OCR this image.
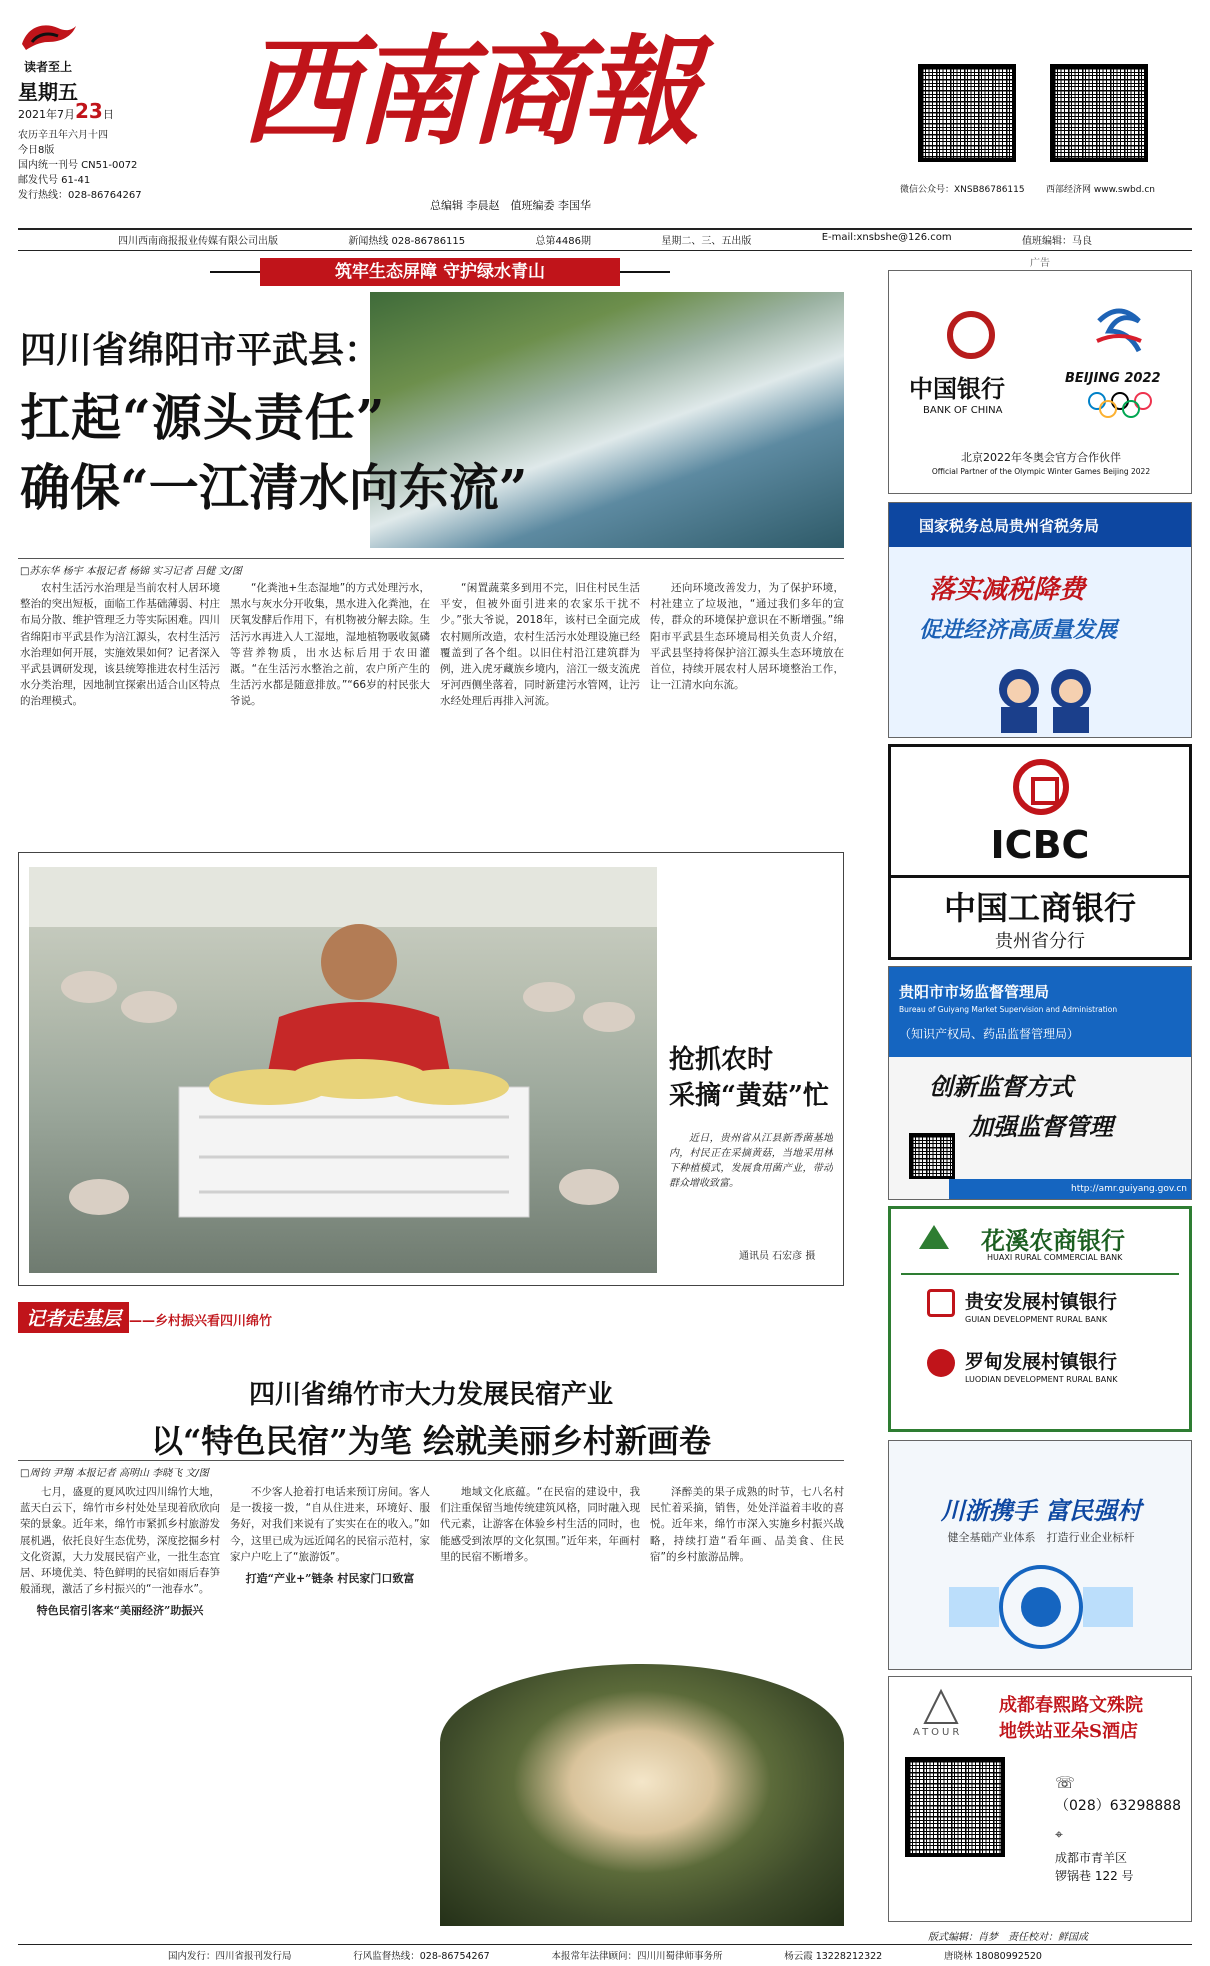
读者至上
星期五
2021年7月23日
农历辛丑年六月十四
今日8版
国内统一刊号 CN51-0072
邮发代号 61-41
发行热线：028-86764267
西南商報
总编辑 李晨赵　值班编委 李国华
微信公众号：XNSB86786115 西部经济网 www.swbd.cn
四川西南商报报业传媒有限公司出版	新闻热线 028-86786115	总第4486期	星期二、三、五出版	E-mail:xnsbshe@126.com	值班编辑：马良
筑牢生态屏障 守护绿水青山
四川省绵阳市平武县：
扛起“源头责任”
确保“一江清水向东流”
□苏东华 杨宇 本报记者 杨锦 实习记者 吕健 文/图

农村生活污水治理是当前农村人居环境整治的突出短板，面临工作基础薄弱、村庄布局分散、维护管理乏力等实际困难。四川省绵阳市平武县作为涪江源头，农村生活污水治理如何开展，实施效果如何？记者深入平武县调研发现，该县统筹推进农村生活污水分类治理，因地制宜探索出适合山区特点的治理模式。

“化粪池+生态湿地”的方式处理污水，黑水与灰水分开收集，黑水进入化粪池，在厌氧发酵后作用下，有机物被分解去除。生活污水再进入人工湿地，湿地植物吸收氮磷等营养物质，出水达标后用于农田灌溉。“在生活污水整治之前，农户所产生的生活污水都是随意排放。”“66岁的村民张大爷说。

“闲置蔬菜多到用不完，旧住村民生活平安，但被外面引进来的农家乐干扰不少。”张大爷说，2018年，该村已全面完成农村厕所改造，农村生活污水处理设施已经覆盖到了各个组。以旧住村沿江建筑群为例，进入虎牙藏族乡境内，涪江一级支流虎牙河西侧坐落着，同时新建污水管网，让污水经处理后再排入河流。

还向环境改善发力，为了保护环境，村社建立了垃圾池，“通过我们多年的宣传，群众的环境保护意识在不断增强。”绵阳市平武县生态环境局相关负责人介绍，平武县坚持将保护涪江源头生态环境放在首位，持续开展农村人居环境整治工作，让一江清水向东流。

抢抓农时
采摘“黄菇”忙

近日，贵州省从江县新香菌基地内，村民正在采摘黄菇，当地采用林下种植模式，发展食用菌产业，带动群众增收致富。

通讯员 石宏彦 摄
记者走基层 ——乡村振兴看四川绵竹
四川省绵竹市大力发展民宿产业
以“特色民宿”为笔 绘就美丽乡村新画卷
□周钧 尹翔 本报记者 高明山 李晓飞 文/图

七月，盛夏的夏风吹过四川绵竹大地，蓝天白云下，绵竹市乡村处处呈现着欣欣向荣的景象。近年来，绵竹市紧抓乡村旅游发展机遇，依托良好生态优势，深度挖掘乡村文化资源，大力发展民宿产业，一批生态宜居、环境优美、特色鲜明的民宿如雨后春笋般涌现，激活了乡村振兴的“一池春水”。

特色民宿引客来“美丽经济”助振兴

不少客人抢着打电话来预订房间。客人是一拨接一拨，“自从住进来，环境好、服务好，对我们来说有了实实在在的收入。”如今，这里已成为远近闻名的民宿示范村，家家户户吃上了“旅游饭”。

打造“产业+”链条 村民家门口致富

地域文化底蕴。“在民宿的建设中，我们注重保留当地传统建筑风格，同时融入现代元素，让游客在体验乡村生活的同时，也能感受到浓厚的文化氛围。”近年来，年画村里的民宿不断增多。

泽醉美的果子成熟的时节，七八名村民忙着采摘，销售，处处洋溢着丰收的喜悦。近年来，绵竹市深入实施乡村振兴战略，持续打造“看年画、品美食、住民宿”的乡村旅游品牌。

广告
中国银行
BANK OF CHINA
BEIJING 2022
北京2022年冬奥会官方合作伙伴
Official Partner of the Olympic Winter Games Beijing 2022
国家税务总局贵州省税务局
落实减税降费
促进经济高质量发展
ICBC
中国工商银行
贵州省分行
贵阳市市场监督管理局
Bureau of Guiyang Market Supervision and Administration
（知识产权局、药品监督管理局）
创新监督方式
加强监督管理
http://amr.guiyang.gov.cn
花溪农商银行
HUAXI RURAL COMMERCIAL BANK
贵安发展村镇银行
GUIAN DEVELOPMENT RURAL BANK
罗甸发展村镇银行
LUODIAN DEVELOPMENT RURAL BANK
川浙携手 富民强村
健全基础产业体系　打造行业企业标杆
ATOUR
成都春熙路文殊院
地铁站亚朵S酒店
☏
（028）63298888
⌖
成都市青羊区
锣锅巷 122 号
版式编辑：肖梦　责任校对：鲜国成
国内发行：四川省报刊发行局	行风监督热线：028-86754267	本报常年法律顾问：四川川蜀律师事务所	杨云霞 13228212322	唐晓林 18080992520
